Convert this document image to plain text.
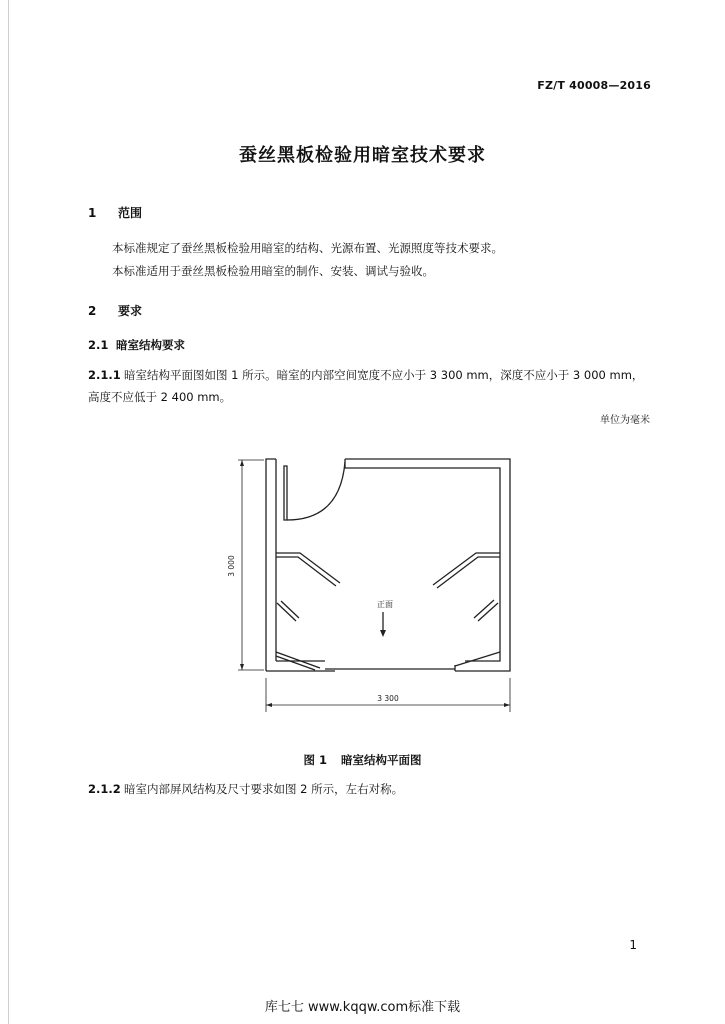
FZ/T 40008—2016
蚕丝黑板检验用暗室技术要求
1 范围
本标准规定了蚕丝黑板检验用暗室的结构、光源布置、光源照度等技术要求。
本标准适用于蚕丝黑板检验用暗室的制作、安装、调试与验收。
2 要求
2.1 暗室结构要求
2.1.1 暗室结构平面图如图 1 所示。暗室的内部空间宽度不应小于 3 300 mm，深度不应小于 3 000 mm，
高度不应低于 2 400 mm。
单位为毫米
3 000
3 300
正面
图 1 暗室结构平面图
2.1.2 暗室内部屏风结构及尺寸要求如图 2 所示，左右对称。
1
库七七 www.kqqw.com标准下载
